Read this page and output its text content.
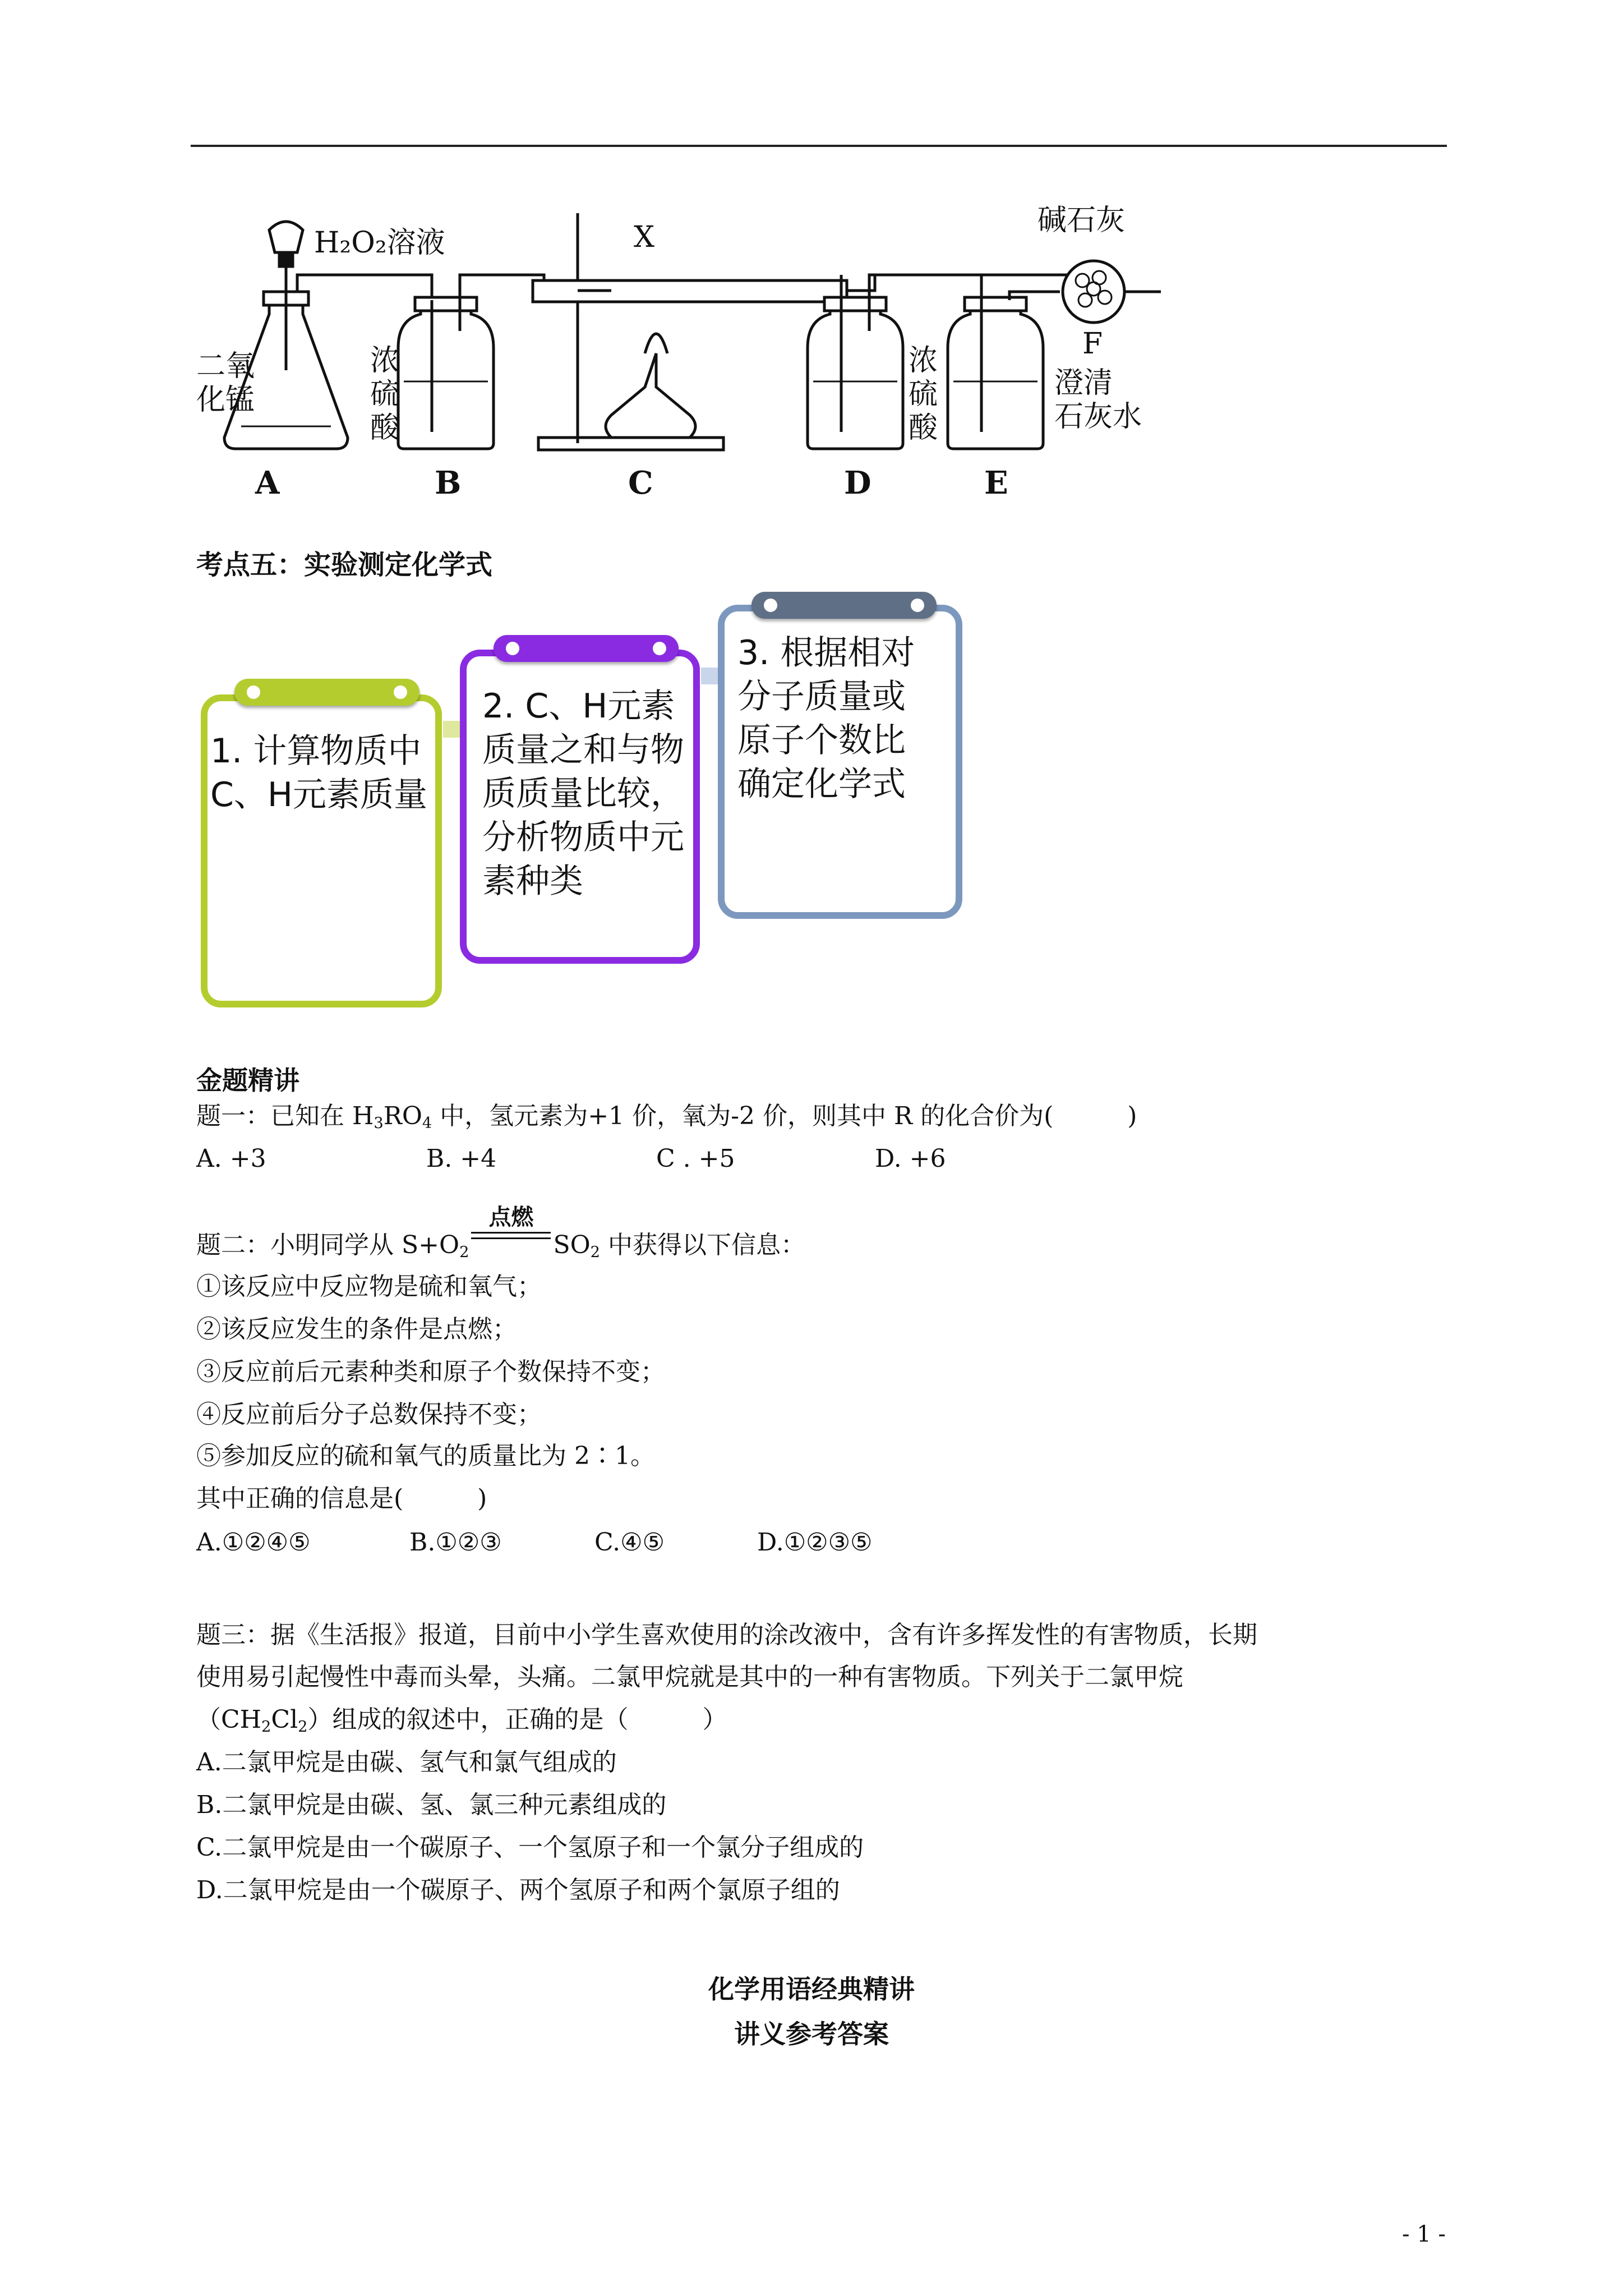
H₂O₂溶液	X	碱石灰
F
二氧
化锰
浓
硫
酸
浓
硫
酸
澄清
石灰水
A	B	C	D	E
考点五：实验测定化学式
1. 计算物质中
C、H元素质量
2. C、H元素
质量之和与物
质质量比较，
分析物质中元
素种类
3. 根据相对
分子质量或
原子个数比
确定化学式
金题精讲
题一：已知在 $H_3RO_4$ 中，氢元素为+1 价，氧为-2 价，则其中 R 的化合价为(　　　)
A. +3	B. +4	C . +5	D. +6
题二：小明同学从 $S+O_2$
点燃
$SO_2$ 中获得以下信息：
①该反应中反应物是硫和氧气；
②该反应发生的条件是点燃；
③反应前后元素种类和原子个数保持不变；
④反应前后分子总数保持不变；
⑤参加反应的硫和氧气的质量比为 2∶1。
其中正确的信息是(　　　)
A.①②④⑤	B.①②③	C.④⑤	D.①②③⑤
题三：据《生活报》报道，目前中小学生喜欢使用的涂改液中，含有许多挥发性的有害物质，长期
使用易引起慢性中毒而头晕，头痛。二氯甲烷就是其中的一种有害物质。下列关于二氯甲烷
$(CH_2Cl_2)$组成的叙述中，正确的是（　　　）
A.二氯甲烷是由碳、氢气和氯气组成的
B.二氯甲烷是由碳、氢、氯三种元素组成的
C.二氯甲烷是由一个碳原子、一个氢原子和一个氯分子组成的
D.二氯甲烷是由一个碳原子、两个氢原子和两个氯原子组的
化学用语经典精讲
讲义参考答案
- 1 -
